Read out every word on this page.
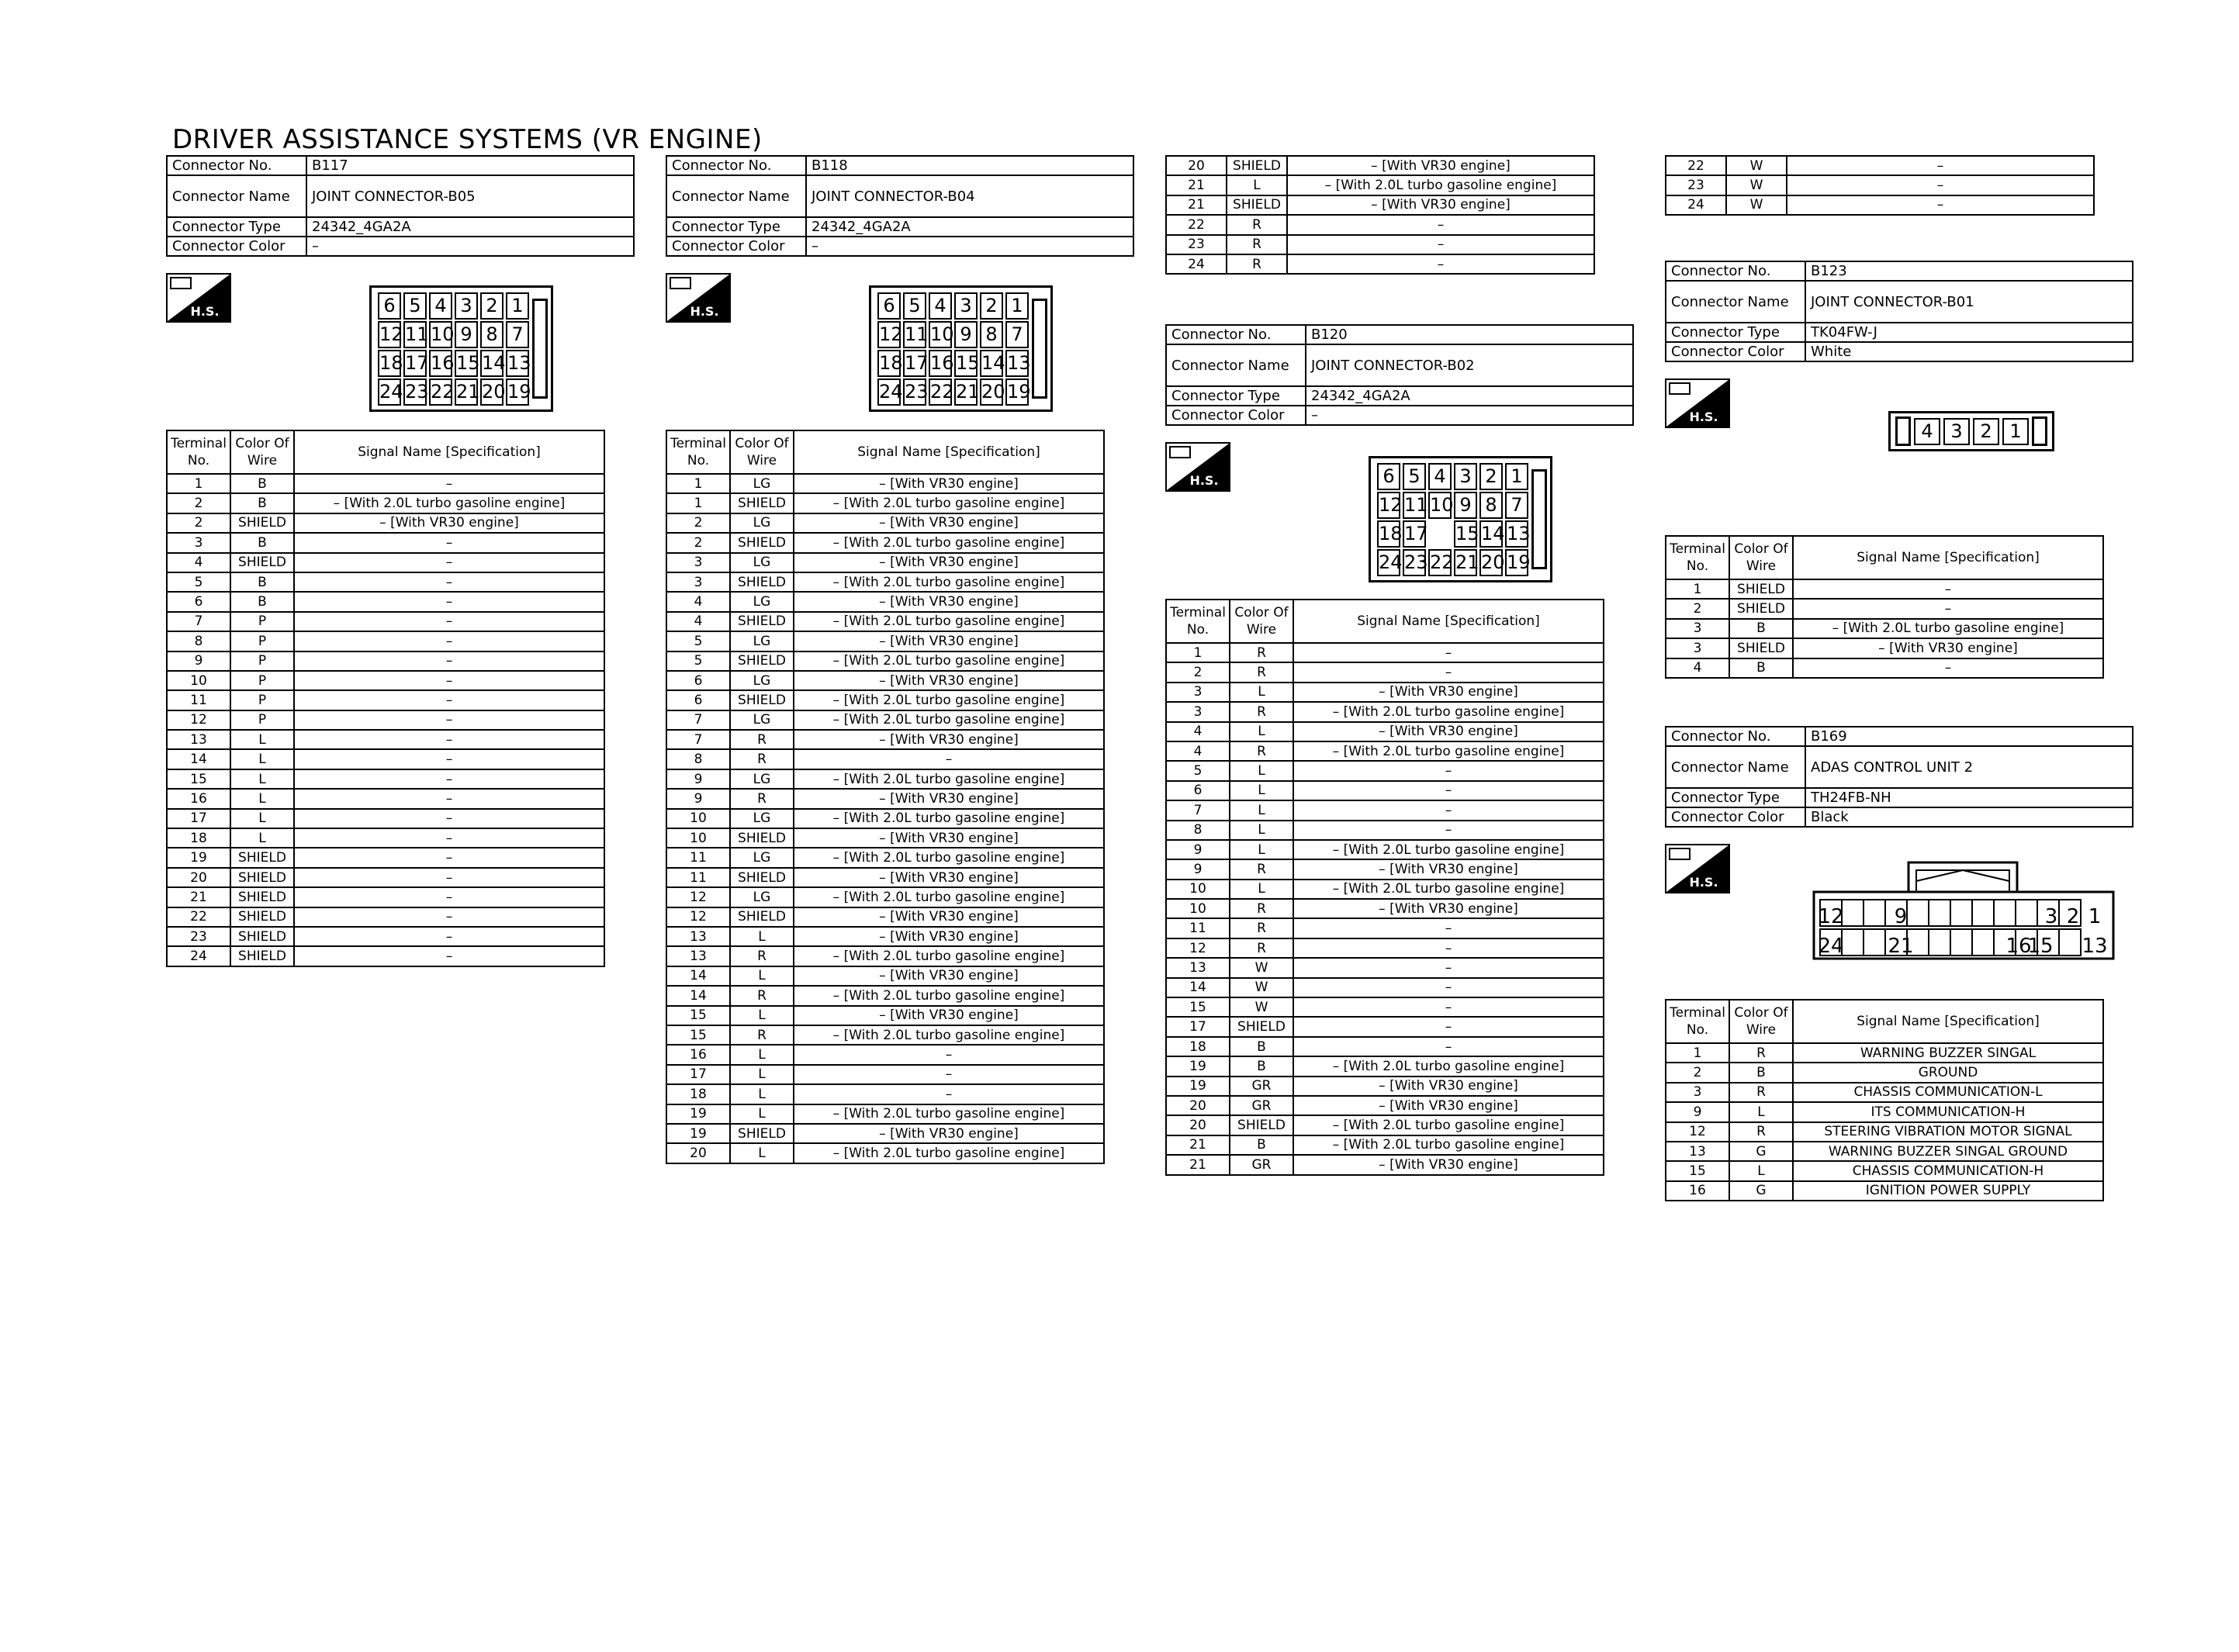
DRIVER ASSISTANCE SYSTEMS (VR ENGINE)
Connector No.	B117
Connector Name	JOINT CONNECTOR-B05
Connector Type	24342_4GA2A
Connector Color	–
H.S.	6 5 4 3 2 1
12 11 10 9 8 7
18 17 16 15 14 13
24 23 22 21 20 19
Terminal
No.	Color Of
Wire	Signal Name [Specification]
1	B	–
2	B	– [With 2.0L turbo gasoline engine]
2	SHIELD	– [With VR30 engine]
3	B	–
4	SHIELD	–
5	B	–
6	B	–
7	P	–
8	P	–
9	P	–
10	P	–
11	P	–
12	P	–
13	L	–
14	L	–
15	L	–
16	L	–
17	L	–
18	L	–
19	SHIELD	–
20	SHIELD	–
21	SHIELD	–
22	SHIELD	–
23	SHIELD	–
24	SHIELD	–
Connector No.	B118
Connector Name	JOINT CONNECTOR-B04
Connector Type	24342_4GA2A
Connector Color	–
H.S.	6 5 4 3 2 1
12 11 10 9 8 7
18 17 16 15 14 13
24 23 22 21 20 19
Terminal
No.	Color Of
Wire	Signal Name [Specification]
1	LG	– [With VR30 engine]
1	SHIELD	– [With 2.0L turbo gasoline engine]
2	LG	– [With VR30 engine]
2	SHIELD	– [With 2.0L turbo gasoline engine]
3	LG	– [With VR30 engine]
3	SHIELD	– [With 2.0L turbo gasoline engine]
4	LG	– [With VR30 engine]
4	SHIELD	– [With 2.0L turbo gasoline engine]
5	LG	– [With VR30 engine]
5	SHIELD	– [With 2.0L turbo gasoline engine]
6	LG	– [With VR30 engine]
6	SHIELD	– [With 2.0L turbo gasoline engine]
7	LG	– [With 2.0L turbo gasoline engine]
7	R	– [With VR30 engine]
8	R	–
9	LG	– [With 2.0L turbo gasoline engine]
9	R	– [With VR30 engine]
10	LG	– [With 2.0L turbo gasoline engine]
10	SHIELD	– [With VR30 engine]
11	LG	– [With 2.0L turbo gasoline engine]
11	SHIELD	– [With VR30 engine]
12	LG	– [With 2.0L turbo gasoline engine]
12	SHIELD	– [With VR30 engine]
13	L	– [With VR30 engine]
13	R	– [With 2.0L turbo gasoline engine]
14	L	– [With VR30 engine]
14	R	– [With 2.0L turbo gasoline engine]
15	L	– [With VR30 engine]
15	R	– [With 2.0L turbo gasoline engine]
16	L	–
17	L	–
18	L	–
19	L	– [With 2.0L turbo gasoline engine]
19	SHIELD	– [With VR30 engine]
20	L	– [With 2.0L turbo gasoline engine]
20	SHIELD	– [With VR30 engine]
21	L	– [With 2.0L turbo gasoline engine]
21	SHIELD	– [With VR30 engine]
22	R	–
23	R	–
24	R	–
Connector No.	B120
Connector Name	JOINT CONNECTOR-B02
Connector Type	24342_4GA2A
Connector Color	–
H.S.	6 5 4 3 2 1
12 11 10 9 8 7
18 17 15 14 13
24 23 22 21 20 19
Terminal
No.	Color Of
Wire	Signal Name [Specification]
1	R	–
2	R	–
3	L	– [With VR30 engine]
3	R	– [With 2.0L turbo gasoline engine]
4	L	– [With VR30 engine]
4	R	– [With 2.0L turbo gasoline engine]
5	L	–
6	L	–
7	L	–
8	L	–
9	L	– [With 2.0L turbo gasoline engine]
9	R	– [With VR30 engine]
10	L	– [With 2.0L turbo gasoline engine]
10	R	– [With VR30 engine]
11	R	–
12	R	–
13	W	–
14	W	–
15	W	–
17	SHIELD	–
18	B	–
19	B	– [With 2.0L turbo gasoline engine]
19	GR	– [With VR30 engine]
20	GR	– [With VR30 engine]
20	SHIELD	– [With 2.0L turbo gasoline engine]
21	B	– [With 2.0L turbo gasoline engine]
21	GR	– [With VR30 engine]
22	W	–
23	W	–
24	W	–
Connector No.	B123
Connector Name	JOINT CONNECTOR-B01
Connector Type	TK04FW-J
Connector Color	White
H.S.
4 3 2 1
Terminal
No.	Color Of
Wire	Signal Name [Specification]
1	SHIELD	–
2	SHIELD	–
3	B	– [With 2.0L turbo gasoline engine]
3	SHIELD	– [With VR30 engine]
4	B	–
Connector No.	B169
Connector Name	ADAS CONTROL UNIT 2
Connector Type	TH24FB-NH
Connector Color	Black
H.S.
12	9	3 2 1
24 21	16
15 13
Terminal
No.	Color Of
Wire	Signal Name [Specification]
1	R	WARNING BUZZER SINGAL
2	B	GROUND
3	R	CHASSIS COMMUNICATION-L
9	L	ITS COMMUNICATION-H
12	R	STEERING VIBRATION MOTOR SIGNAL
13	G	WARNING BUZZER SINGAL GROUND
15	L	CHASSIS COMMUNICATION-H
16	G	IGNITION POWER SUPPLY
